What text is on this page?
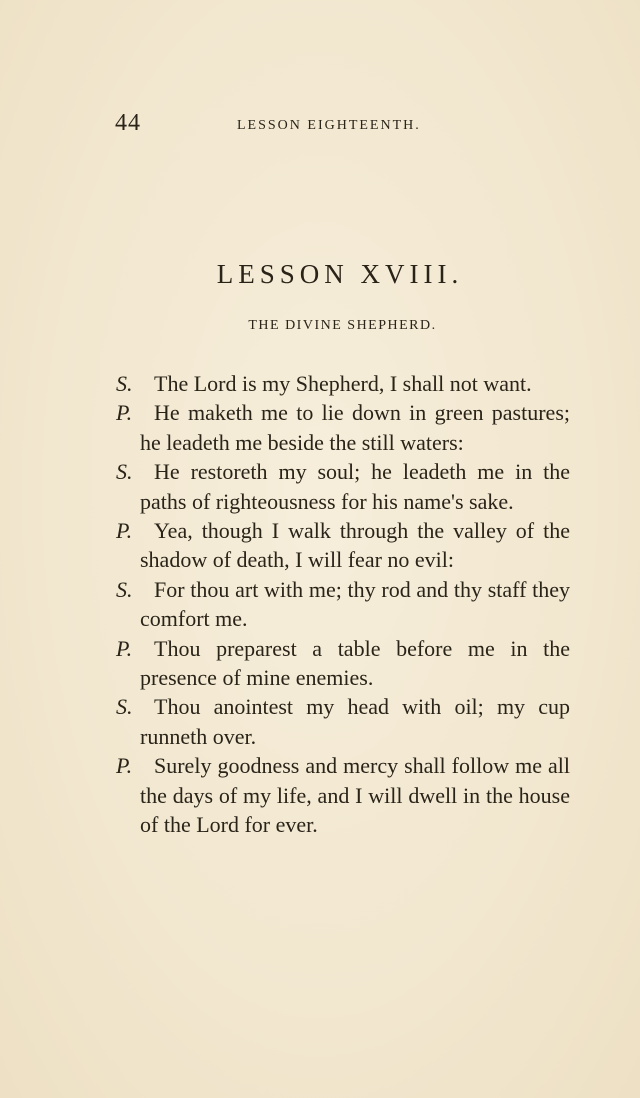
44	LESSON EIGHTEENTH.
LESSON XVIII.
THE DIVINE SHEPHERD.

S. The Lord is my Shepherd, I shall not want.

P. He maketh me to lie down in green pastures; he leadeth me beside the still waters:

S. He restoreth my soul; he leadeth me in the paths of righteousness for his name's sake.

P. Yea, though I walk through the valley of the shadow of death, I will fear no evil:

S. For thou art with me; thy rod and thy staff they comfort me.

P. Thou preparest a table before me in the presence of mine enemies.

S. Thou anointest my head with oil; my cup runneth over.

P. Surely goodness and mercy shall follow me all the days of my life, and I will dwell in the house of the Lord for ever.
